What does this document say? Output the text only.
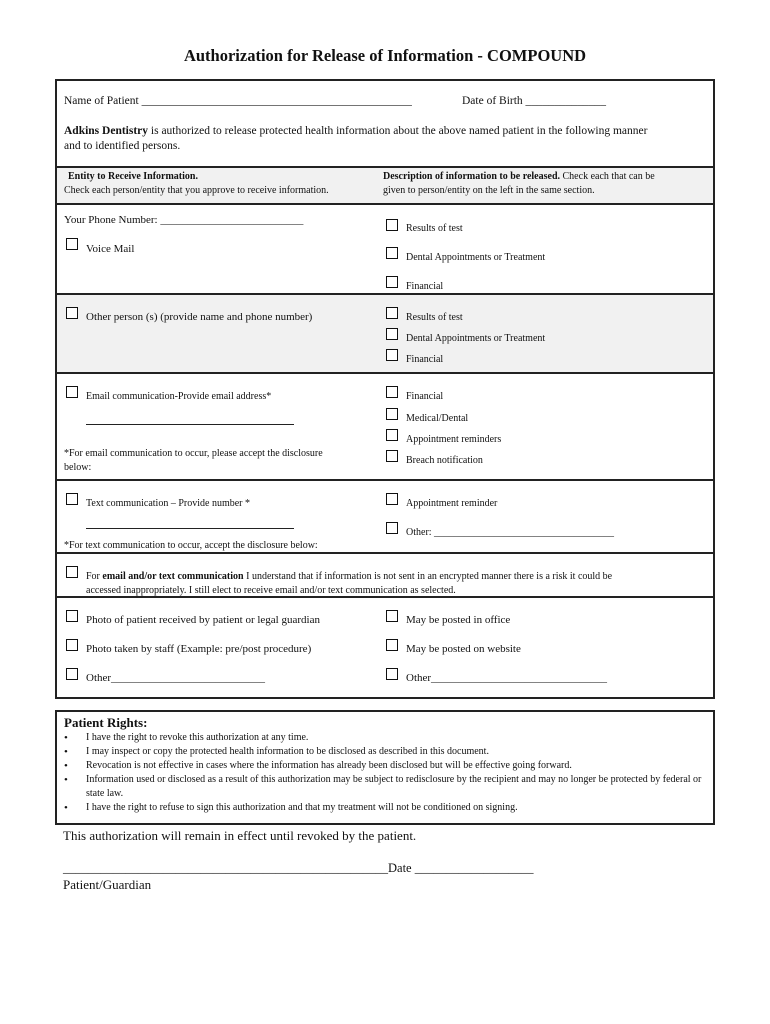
Authorization for Release of Information - COMPOUND
Name of Patient _______________________________________________	Date of Birth ______________
Adkins Dentistry is authorized to release protected health information about the above named patient in the following manner
and to identified persons.
Entity to Receive Information.
Check each person/entity that you approve to receive information.
Description of information to be released. Check each that can be
given to person/entity on the left in the same section.
Your Phone Number: __________________________
Voice Mail
Results of test
Dental Appointments or Treatment
Financial
Other person (s) (provide name and phone number)	Results of test
Dental Appointments or Treatment
Financial
Email communication-Provide email address*
*For email communication to occur, please accept the disclosure
below:
Financial
Medical/Dental
Appointment reminders
Breach notification
Text communication – Provide number *
*For text communication to occur, accept the disclosure below:
Appointment reminder
Other: ____________________________________
For email and/or text communication I understand that if information is not sent in an encrypted manner there is a risk it could be
accessed inappropriately. I still elect to receive email and/or text communication as selected.
Photo of patient received by patient or legal guardian
Photo taken by staff (Example: pre/post procedure)
Other____________________________
May be posted in office
May be posted on website
Other________________________________
Patient Rights:
• I have the right to revoke this authorization at any time.
• I may inspect or copy the protected health information to be disclosed as described in this document.
• Revocation is not effective in cases where the information has already been disclosed but will be effective going forward.
• Information used or disclosed as a result of this authorization may be subject to redisclosure by the recipient and may no longer be protected by federal or state law.
• I have the right to refuse to sign this authorization and that my treatment will not be conditioned on signing.
This authorization will remain in effect until revoked by the patient.
____________________________________________________Date ___________________
Patient/Guardian
